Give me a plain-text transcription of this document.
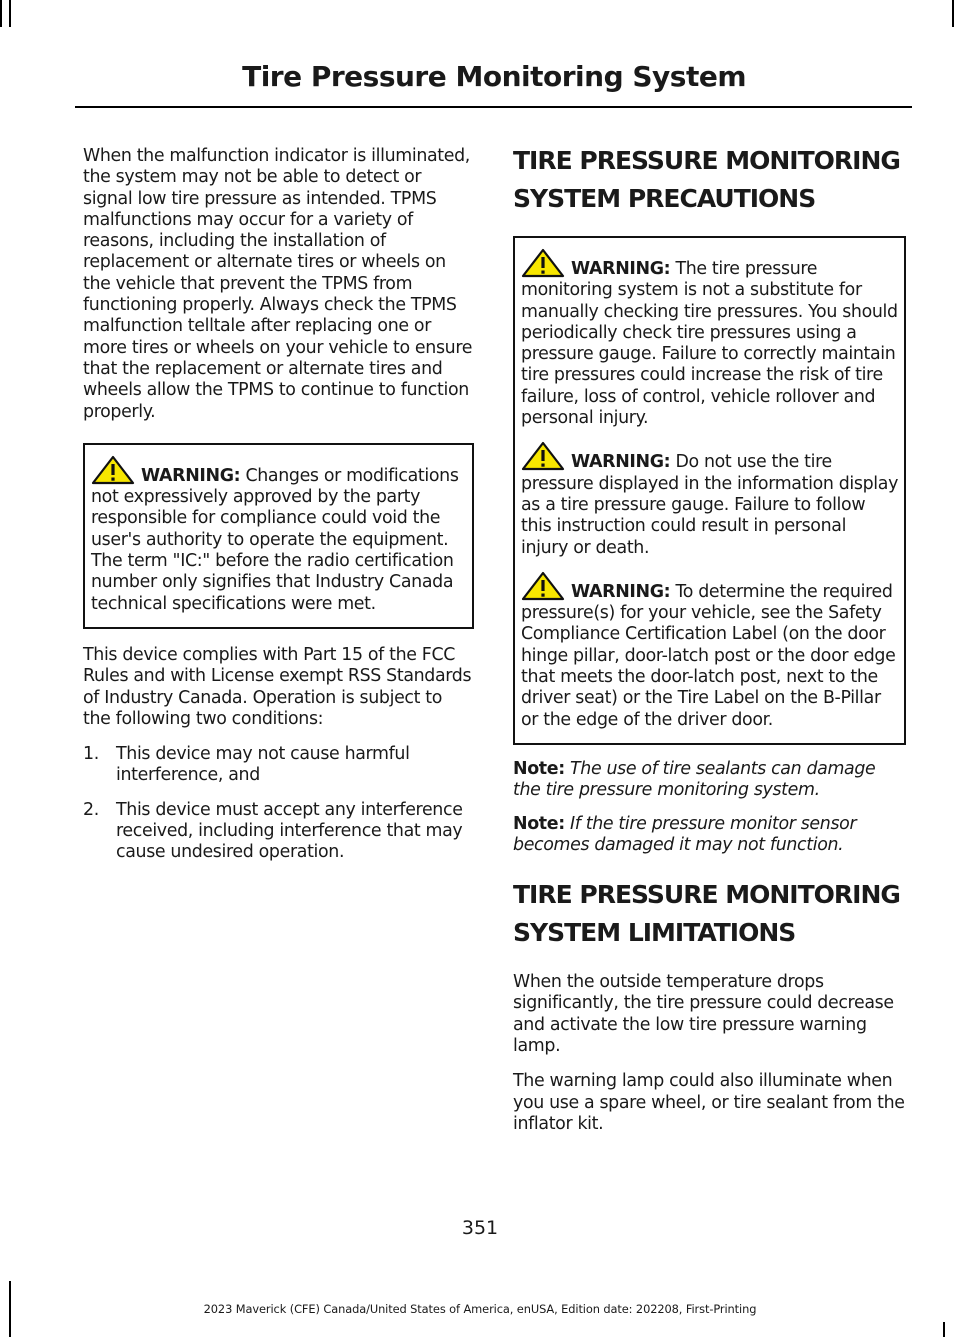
Tire Pressure Monitoring System

When the malfunction indicator is illuminated, the system may not be able to detect or signal low tire pressure as intended. TPMS malfunctions may occur for a variety of reasons, including the installation of replacement or alternate tires or wheels on the vehicle that prevent the TPMS from functioning properly. Always check the TPMS malfunction telltale after replacing one or more tires or wheels on your vehicle to ensure that the replacement or alternate tires and wheels allow the TPMS to continue to function properly.

WARNING: Changes or modifications not expressively approved by the party responsible for compliance could void the user's authority to operate the equipment. The term "IC:" before the radio certification number only signifies that Industry Canada technical specifications were met.

This device complies with Part 15 of the FCC Rules and with License exempt RSS Standards of Industry Canada. Operation is subject to the following two conditions:

1. This device may not cause harmful interference, and
2. This device must accept any interference received, including interference that may cause undesired operation.
TIRE PRESSURE MONITORING
SYSTEM PRECAUTIONS
WARNING: The tire pressure monitoring system is not a substitute for manually checking tire pressures. You should periodically check tire pressures using a pressure gauge. Failure to correctly maintain tire pressures could increase the risk of tire failure, loss of control, vehicle rollover and personal injury.
WARNING: Do not use the tire pressure displayed in the information display as a tire pressure gauge. Failure to follow this instruction could result in personal injury or death.
WARNING: To determine the required pressure(s) for your vehicle, see the Safety Compliance Certification Label (on the door hinge pillar, door-latch post or the door edge that meets the door-latch post, next to the driver seat) or the Tire Label on the B-Pillar or the edge of the driver door.

Note: The use of tire sealants can damage the tire pressure monitoring system.

Note: If the tire pressure monitor sensor becomes damaged it may not function.

TIRE PRESSURE MONITORING
SYSTEM LIMITATIONS

When the outside temperature drops significantly, the tire pressure could decrease and activate the low tire pressure warning lamp.

The warning lamp could also illuminate when you use a spare wheel, or tire sealant from the inflator kit.

351
2023 Maverick (CFE) Canada/United States of America, enUSA, Edition date: 202208, First-Printing
